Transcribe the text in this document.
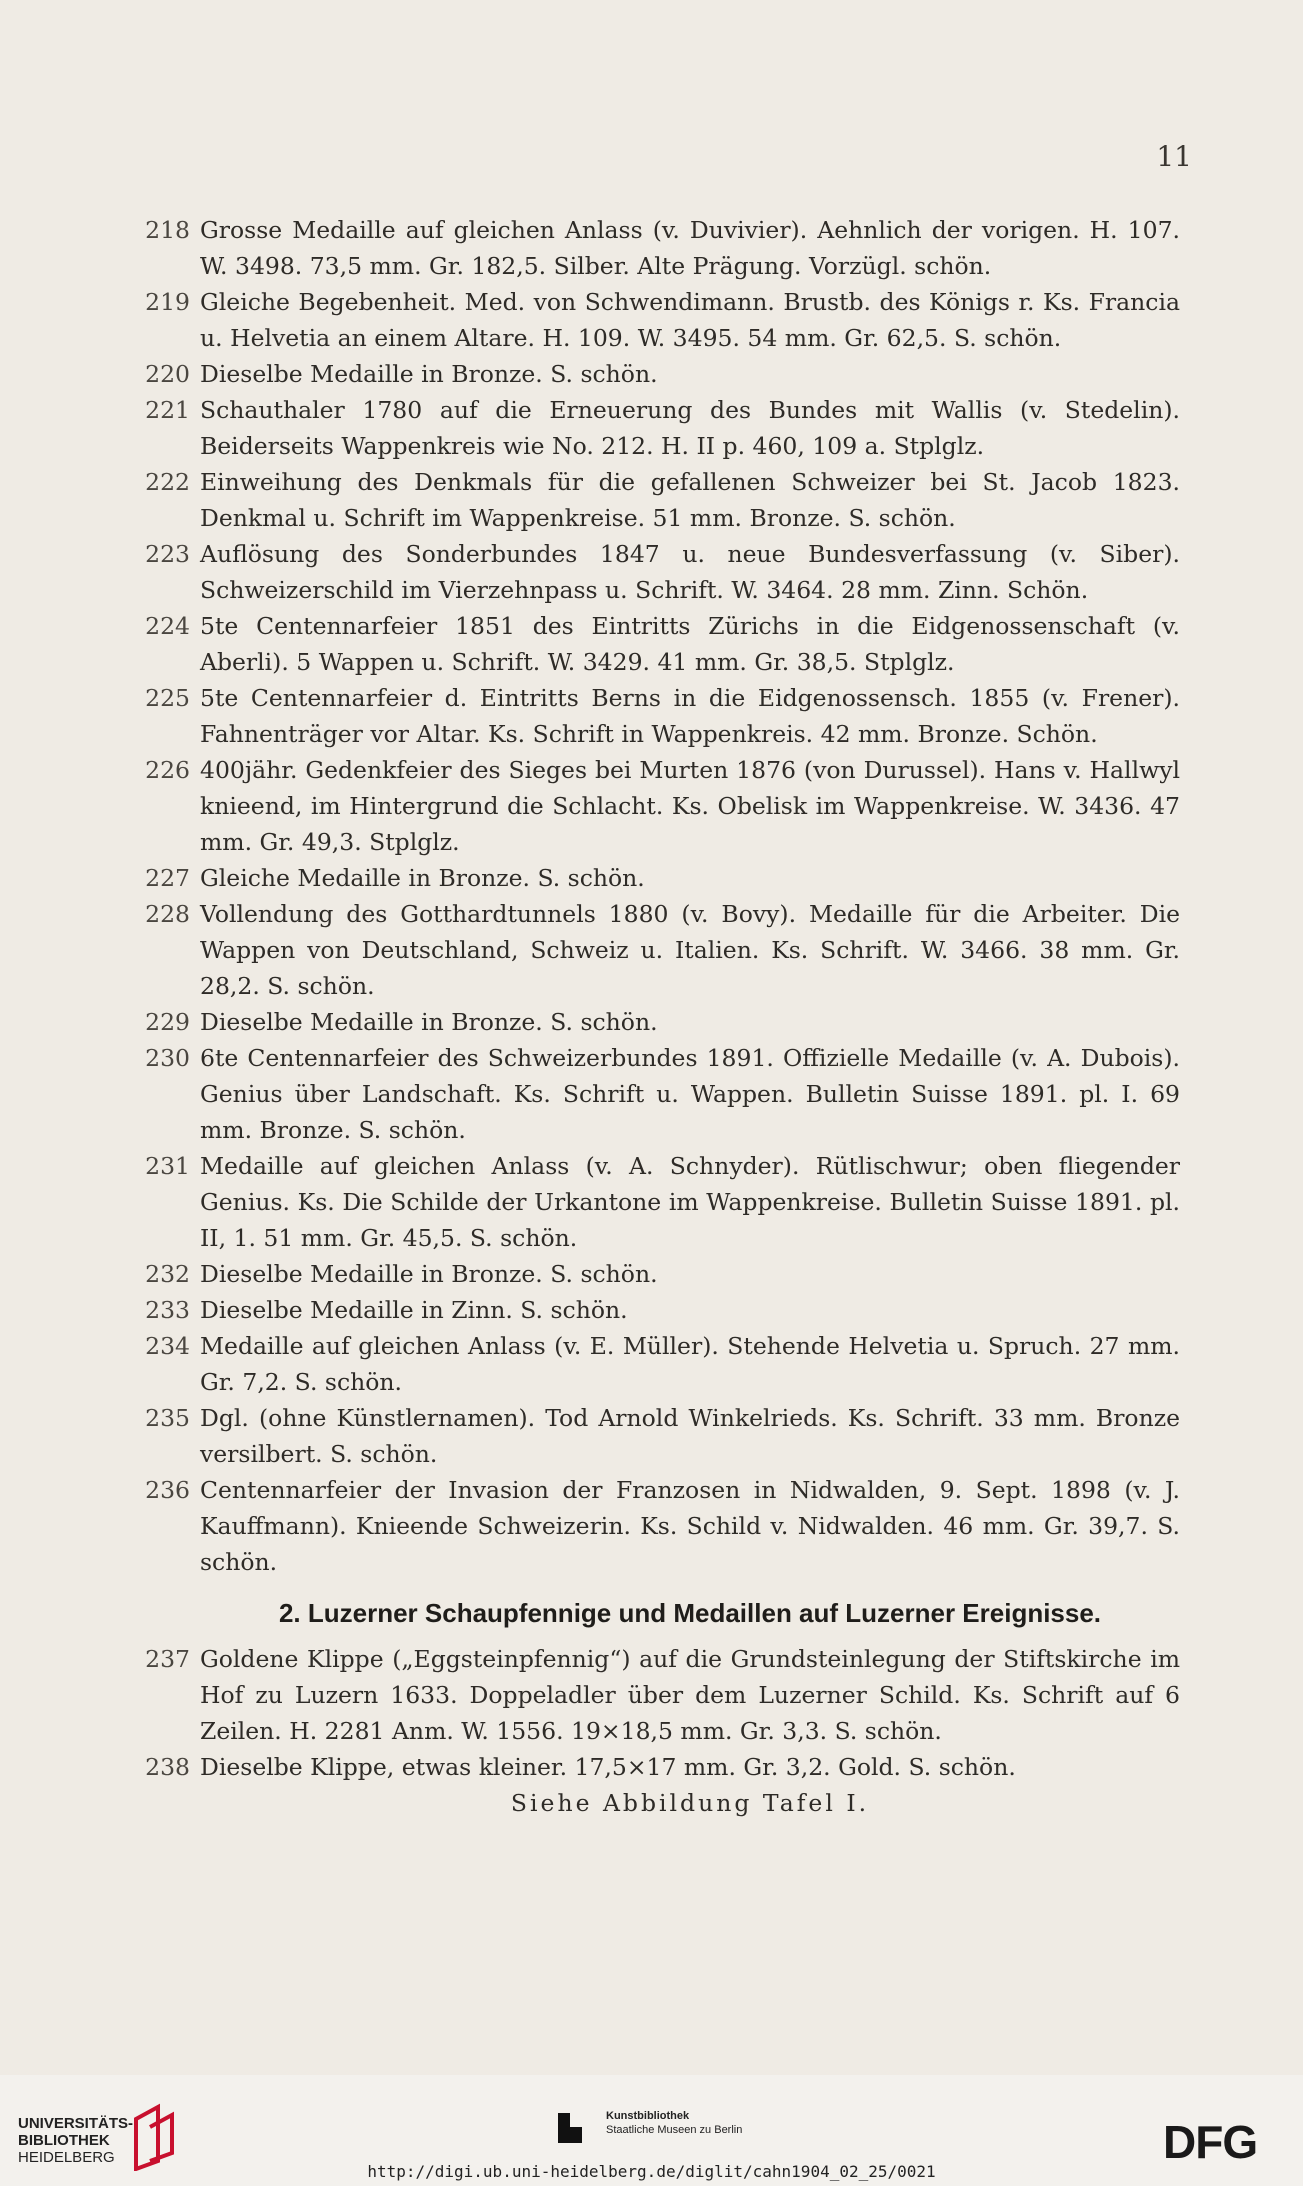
11
218 Grosse Medaille auf gleichen Anlass (v. Duvivier). Aehnlich der vorigen. H. 107. W. 3498. 73,5 mm. Gr. 182,5. Silber. Alte Prägung. Vorzügl. schön.
219 Gleiche Begebenheit. Med. von Schwendimann. Brustb. des Königs r. Ks. Francia u. Helvetia an einem Altare. H. 109. W. 3495. 54 mm. Gr. 62,5. S. schön.
220 Dieselbe Medaille in Bronze. S. schön.
221 Schauthaler 1780 auf die Erneuerung des Bundes mit Wallis (v. Stedelin). Beiderseits Wappenkreis wie No. 212. H. II p. 460, 109 a. Stplglz.
222 Einweihung des Denkmals für die gefallenen Schweizer bei St. Jacob 1823. Denkmal u. Schrift im Wappenkreise. 51 mm. Bronze. S. schön.
223 Auflösung des Sonderbundes 1847 u. neue Bundesverfassung (v. Siber). Schweizerschild im Vierzehnpass u. Schrift. W. 3464. 28 mm. Zinn. Schön.
224 5te Centennarfeier 1851 des Eintritts Zürichs in die Eidgenossenschaft (v. Aberli). 5 Wappen u. Schrift. W. 3429. 41 mm. Gr. 38,5. Stplglz.
225 5te Centennarfeier d. Eintritts Berns in die Eidgenossensch. 1855 (v. Frener). Fahnenträger vor Altar. Ks. Schrift in Wappenkreis. 42 mm. Bronze. Schön.
226 400jähr. Gedenkfeier des Sieges bei Murten 1876 (von Durussel). Hans v. Hallwyl knieend, im Hintergrund die Schlacht. Ks. Obelisk im Wappenkreise. W. 3436. 47 mm. Gr. 49,3. Stplglz.
227 Gleiche Medaille in Bronze. S. schön.
228 Vollendung des Gotthardtunnels 1880 (v. Bovy). Medaille für die Arbeiter. Die Wappen von Deutschland, Schweiz u. Italien. Ks. Schrift. W. 3466. 38 mm. Gr. 28,2. S. schön.
229 Dieselbe Medaille in Bronze. S. schön.
230 6te Centennarfeier des Schweizerbundes 1891. Offizielle Medaille (v. A. Dubois). Genius über Landschaft. Ks. Schrift u. Wappen. Bulletin Suisse 1891. pl. I. 69 mm. Bronze. S. schön.
231 Medaille auf gleichen Anlass (v. A. Schnyder). Rütlischwur; oben fliegender Genius. Ks. Die Schilde der Urkantone im Wappenkreise. Bulletin Suisse 1891. pl. II, 1. 51 mm. Gr. 45,5. S. schön.
232 Dieselbe Medaille in Bronze. S. schön.
233 Dieselbe Medaille in Zinn. S. schön.
234 Medaille auf gleichen Anlass (v. E. Müller). Stehende Helvetia u. Spruch. 27 mm. Gr. 7,2. S. schön.
235 Dgl. (ohne Künstlernamen). Tod Arnold Winkelrieds. Ks. Schrift. 33 mm. Bronze versilbert. S. schön.
236 Centennarfeier der Invasion der Franzosen in Nidwalden, 9. Sept. 1898 (v. J. Kauffmann). Knieende Schweizerin. Ks. Schild v. Nidwalden. 46 mm. Gr. 39,7. S. schön.
2. Luzerner Schaupfennige und Medaillen auf Luzerner Ereignisse.
237 Goldene Klippe („Eggsteinpfennig“) auf die Grundsteinlegung der Stiftskirche im Hof zu Luzern 1633. Doppeladler über dem Luzerner Schild. Ks. Schrift auf 6 Zeilen. H. 2281 Anm. W. 1556. 19×18,5 mm. Gr. 3,3. S. schön.
238 Dieselbe Klippe, etwas kleiner. 17,5×17 mm. Gr. 3,2. Gold. S. schön.
Siehe Abbildung Tafel I.
UNIVERSITÄTS-
BIBLIOTHEK
HEIDELBERG
Kunstbibliothek
Staatliche Museen zu Berlin	DFG
http://digi.ub.uni-heidelberg.de/diglit/cahn1904_02_25/0021
